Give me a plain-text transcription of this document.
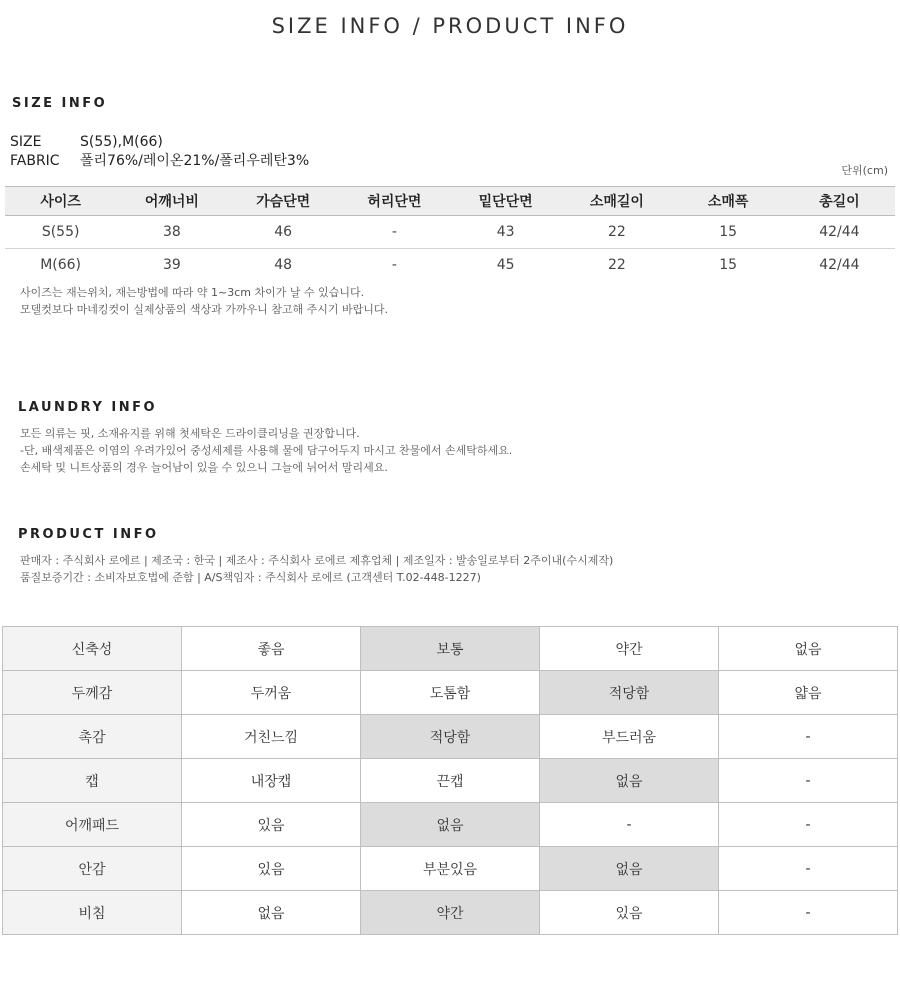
SIZE INFO / PRODUCT INFO
SIZE INFO
SIZE	S(55),M(66)
FABRIC 폴리76%/레이온21%/폴리우레탄3%
단위(cm)
사이즈	어깨너비	가슴단면	허리단면	밑단단면	소매길이	소매폭	총길이
S(55)	38	46	-	43	22	15	42/44
M(66)	39	48	-	45	22	15	42/44
사이즈는 재는위치, 재는방법에 따라 약 1~3cm 차이가 날 수 있습니다.
모델컷보다 마네킹컷이 실제상품의 색상과 가까우니 참고해 주시기 바랍니다.
LAUNDRY INFO
모든 의류는 핏, 소재유지를 위해 첫세탁은 드라이클리닝을 권장합니다.
-단, 배색제품은 이염의 우려가있어 중성세제를 사용해 물에 담구어두지 마시고 찬물에서 손세탁하세요.
손세탁 및 니트상품의 경우 늘어남이 있을 수 있으니 그늘에 뉘어서 말리세요.
PRODUCT INFO
판매자 : 주식회사 로에르 | 제조국 : 한국 | 제조사 : 주식회사 로에르 제휴업체 | 제조일자 : 발송일로부터 2주이내(수시제작)
품질보증기간 : 소비자보호법에 준함 | A/S책임자 : 주식회사 로에르 (고객센터 T.02-448-1227)
신축성	좋음	보통	약간	없음
두께감	두꺼움	도톰함	적당함	얇음
촉감	거친느낌	적당함	부드러움	-
캡	내장캡	끈캡	없음	-
어깨패드	있음	없음	-	-
안감	있음	부분있음	없음	-
비침	없음	약간	있음	-
